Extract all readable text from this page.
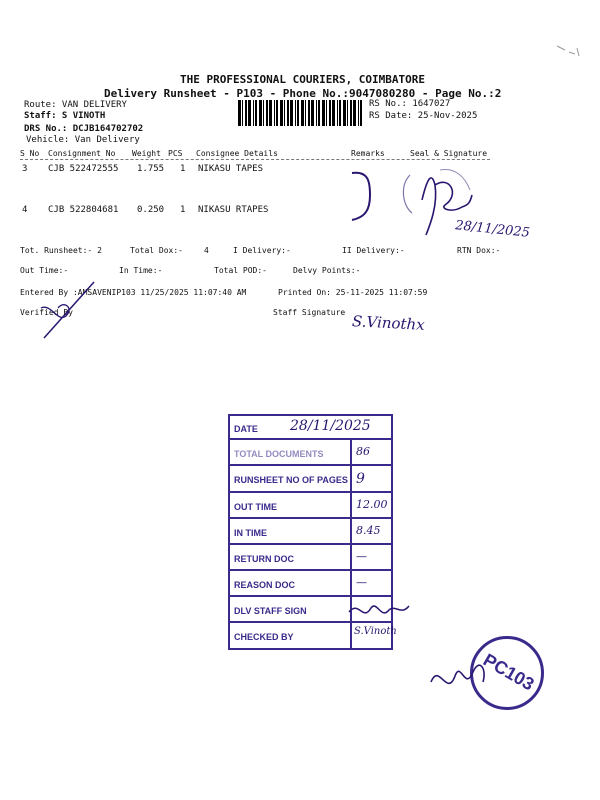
THE PROFESSIONAL COURIERS, COIMBATORE
Delivery Runsheet - P103 - Phone No.:9047080280 - Page No.:2
Route: VAN DELIVERY
Staff: S VINOTH
DRS No.: DCJB164702702
Vehicle: Van Delivery
RS No.: 1647027
RS Date: 25-Nov-2025
S No Consignment No Weight PCS Consignee Details	Remarks	Seal & Signature
3 CJB 522472555 1.755 1 NIKASU TAPES
4 CJB 522804681 0.250 1 NIKASU RTAPES
28/11/2025
Tot. Runsheet:- 2	Total Dox:-	4	I Delivery:-	II Delivery:-	RTN Dox:-
Out Time:-	In Time:-	Total POD:-	Delvy Points:-
Entered By :AMSAVENIP103 11/25/2025 11:07:40 AM	Printed On: 25-11-2025 11:07:59
Verified By	Staff Signature S.Vinothx
DATE 28/11/2025
TOTAL DOCUMENTS	86
RUNSHEET NO OF PAGES 9
OUT TIME	12.00
IN TIME	8.45
RETURN DOC	—
REASON DOC	—
DLV STAFF SIGN
CHECKED BY	S.Vinoth
PC103
